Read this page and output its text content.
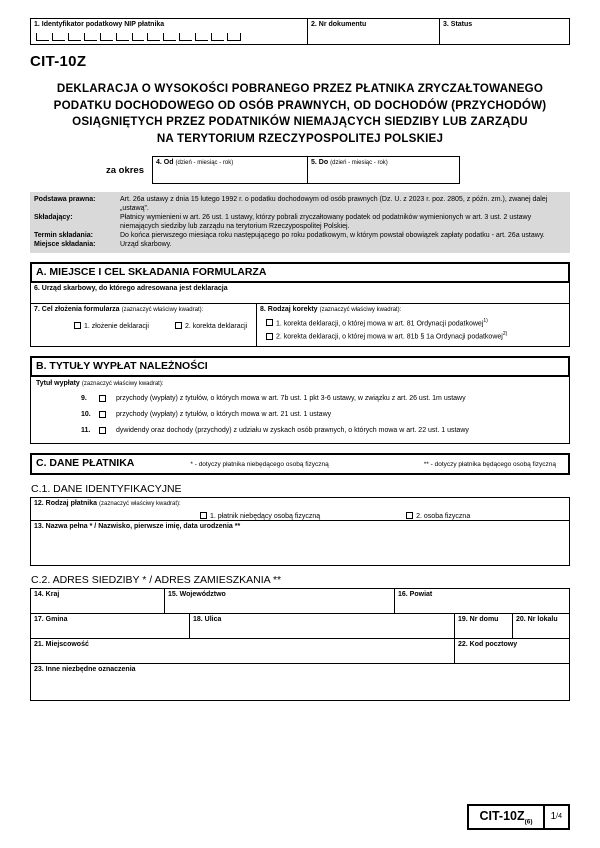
1. Identyfikator podatkowy NIP płatnika	2. Nr dokumentu	3. Status
CIT-10Z
DEKLARACJA O WYSOKOŚCI POBRANEGO PRZEZ PŁATNIKA ZRYCZAŁTOWANEGO
PODATKU DOCHODOWEGO OD OSÓB PRAWNYCH, OD DOCHODÓW (PRZYCHODÓW)
OSIĄGNIĘTYCH PRZEZ PODATNIKÓW NIEMAJĄCYCH SIEDZIBY LUB ZARZĄDU
NA TERYTORIUM RZECZYPOSPOLITEJ POLSKIEJ
za okres
4. Od (dzień - miesiąc - rok)	5. Do (dzień - miesiąc - rok)
Podstawa prawna:	Art. 26a ustawy z dnia 15 lutego 1992 r. o podatku dochodowym od osób prawnych (Dz. U. z 2023 r. poz. 2805, z późn. zm.), zwanej dalej „ustawą”.
Składający:	Płatnicy wymienieni w art. 26 ust. 1 ustawy, którzy pobrali zryczałtowany podatek od podatników wymienionych w art. 3 ust. 2 ustawy niemających siedziby lub zarządu na terytorium Rzeczypospolitej Polskiej.
Termin składania:	Do końca pierwszego miesiąca roku następującego po roku podatkowym, w którym powstał obowiązek zapłaty podatku - art. 26a ustawy.
Miejsce składania:	Urząd skarbowy.
A. MIEJSCE I CEL SKŁADANIA FORMULARZA
6. Urząd skarbowy, do którego adresowana jest deklaracja
7. Cel złożenia formularza (zaznaczyć właściwy kwadrat):
1. złożenie deklaracji	2. korekta deklaracji
8. Rodzaj korekty (zaznaczyć właściwy kwadrat):
1. korekta deklaracji, o której mowa w art. 81 Ordynacji podatkowej$^{1)}$
2. korekta deklaracji, o której mowa w art. 81b § 1a Ordynacji podatkowej$^{2)}$
B. TYTUŁY WYPŁAT NALEŻNOŚCI
Tytuł wypłaty (zaznaczyć właściwy kwadrat):
9.	przychody (wypłaty) z tytułów, o których mowa w art. 7b ust. 1 pkt 3-6 ustawy, w związku z art. 26 ust. 1m ustawy
10.	przychody (wypłaty) z tytułów, o których mowa w art. 21 ust. 1 ustawy
11.	dywidendy oraz dochody (przychody) z udziału w zyskach osób prawnych, o których mowa w art. 22 ust. 1 ustawy
C. DANE PŁATNIKA	* - dotyczy płatnika niebędącego osobą fizyczną	** - dotyczy płatnika będącego osobą fizyczną
C.1. DANE IDENTYFIKACYJNE
12. Rodzaj płatnika (zaznaczyć właściwy kwadrat):
1. płatnik niebędący osobą fizyczną	2. osoba fizyczna
13. Nazwa pełna * / Nazwisko, pierwsze imię, data urodzenia **
C.2. ADRES SIEDZIBY * / ADRES ZAMIESZKANIA **
14. Kraj	15. Województwo	16. Powiat
17. Gmina	18. Ulica	19. Nr domu	20. Nr lokalu
21. Miejscowość	22. Kod pocztowy
23. Inne niezbędne oznaczenia
CIT-$10Z_{(6)}$	1 /4
